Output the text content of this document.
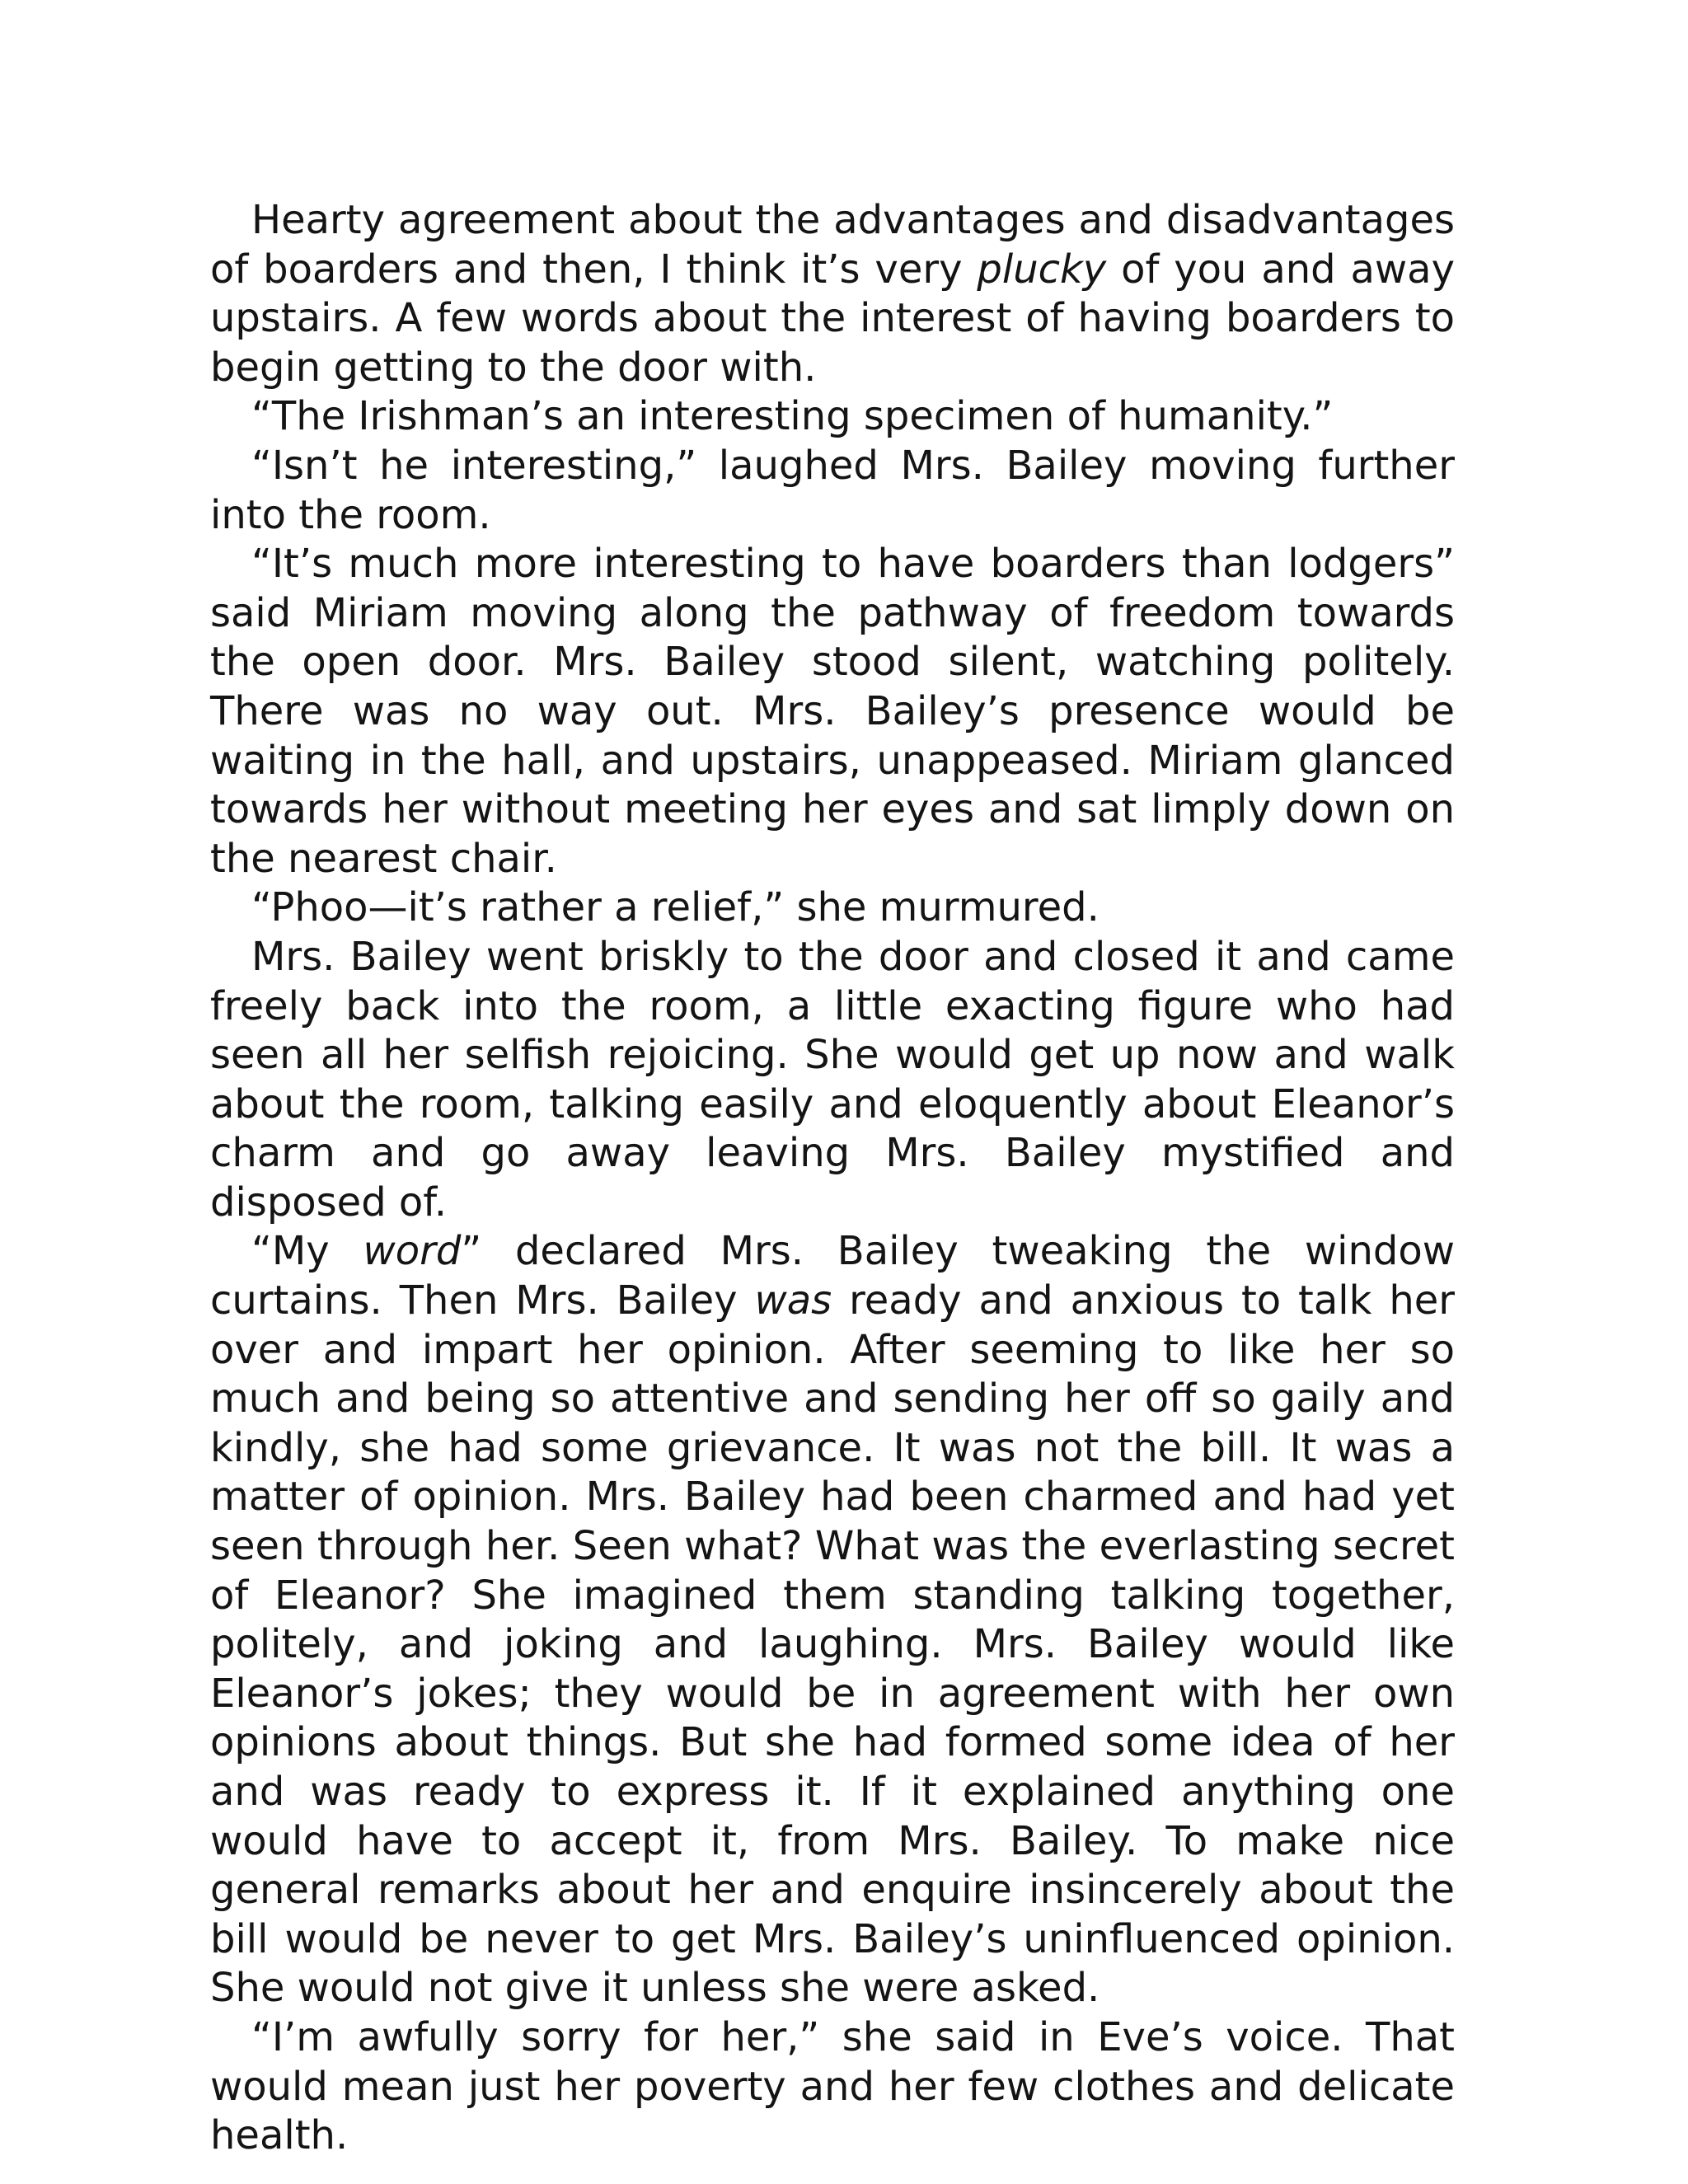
Hearty agreement about the advantages and disadvantages of boarders and then, I think it’s very plucky of you and away upstairs. A few words about the interest of having boarders to begin getting to the door with.

“The Irishman’s an interesting specimen of humanity.”

“Isn’t he interesting,” laughed Mrs. Bailey moving further into the room.

“It’s much more interesting to have boarders than lodgers” said Miriam moving along the pathway of freedom towards the open door. Mrs. Bailey stood silent, watching politely. There was no way out. Mrs. Bailey’s presence would be waiting in the hall, and upstairs, unappeased. Miriam glanced towards her without meeting her eyes and sat limply down on the nearest chair.

“Phoo—it’s rather a relief,” she murmured.

Mrs. Bailey went briskly to the door and closed it and came freely back into the room, a little exacting figure who had seen all her selfish rejoicing. She would get up now and walk about the room, talking easily and eloquently about Eleanor’s charm and go away leaving Mrs. Bailey mystified and disposed of.

“My word” declared Mrs. Bailey tweaking the window curtains. Then Mrs. Bailey was ready and anxious to talk her over and impart her opinion. After seeming to like her so much and being so attentive and sending her off so gaily and kindly, she had some grievance. It was not the bill. It was a matter of opinion. Mrs. Bailey had been charmed and had yet seen through her. Seen what? What was the everlasting secret of Eleanor? She imagined them standing talking together, politely, and joking and laughing. Mrs. Bailey would like Eleanor’s jokes; they would be in agreement with her own opinions about things. But she had formed some idea of her and was ready to express it. If it explained anything one would have to accept it, from Mrs. Bailey. To make nice general remarks about her and enquire insincerely about the bill would be never to get Mrs. Bailey’s uninfluenced opinion. She would not give it unless she were asked.

“I’m awfully sorry for her,” she said in Eve’s voice. That would mean just her poverty and her few clothes and delicate health.
